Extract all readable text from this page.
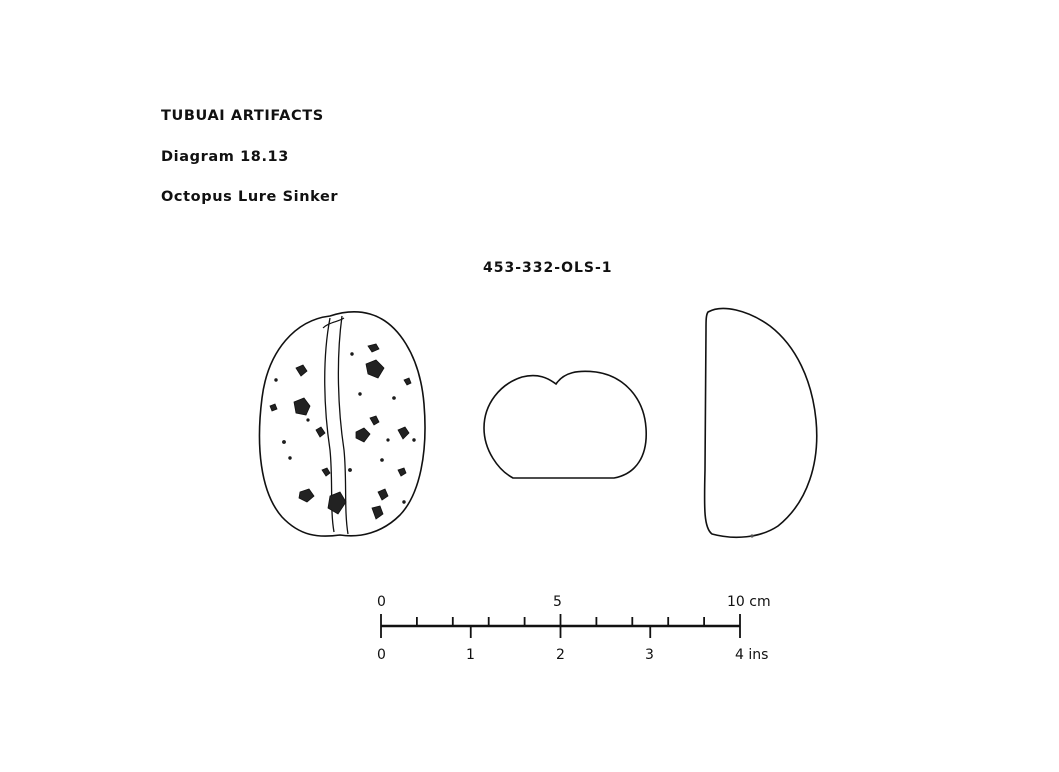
TUBUAI ARTIFACTS
Diagram 18.13
Octopus Lure Sinker
453-332-OLS-1
0	5	10 cm
0	1	2	3	4 ins
